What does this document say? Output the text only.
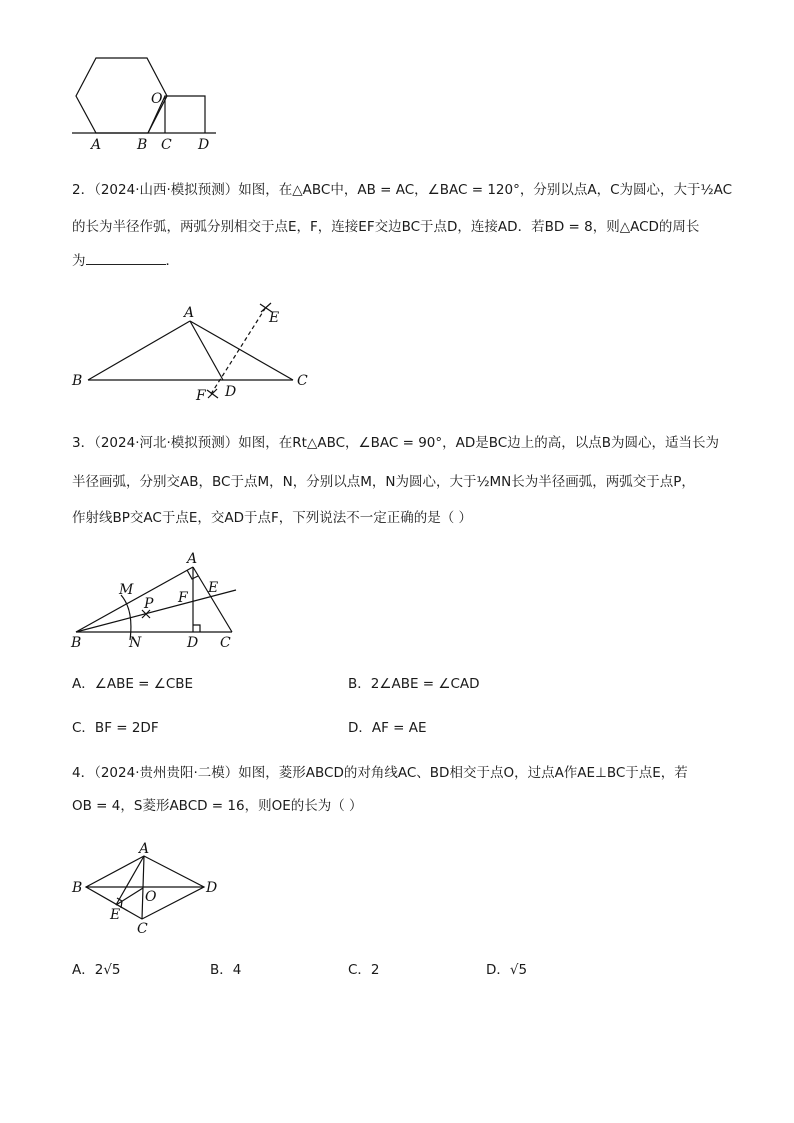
O
A	B C D
2．（2024·山西·模拟预测）如图，在△ABC中，AB = AC，∠BAC = 120°，分别以点A，C为圆心，大于½AC
的长为半径作弧，两弧分别相交于点E，F，连接EF交边BC于点D，连接AD．若BD = 8，则△ACD的周长
为	．
A	E
B	C
F D
3．（2024·河北·模拟预测）如图，在Rt△ABC，∠BAC = 90°，AD是BC边上的高，以点B为圆心，适当长为
半径画弧，分别交AB，BC于点M，N，分别以点M，N为圆心，大于½MN长为半径画弧，两弧交于点P，
作射线BP交AC于点E，交AD于点F，下列说法不一定正确的是（ ）
A
M	E
P F
B	N	D C
A．∠ABE = ∠CBE	B．2∠ABE = ∠CAD
C．BF = 2DF	D．AF = AE
4．（2024·贵州贵阳·二模）如图，菱形ABCD的对角线AC、BD相交于点O，过点A作AE⊥BC于点E，若
OB = 4，S菱形ABCD = 16，则OE的长为（ ）
A
B
O
D
E
C
A．2√5	B．4	C．2	D．√5
